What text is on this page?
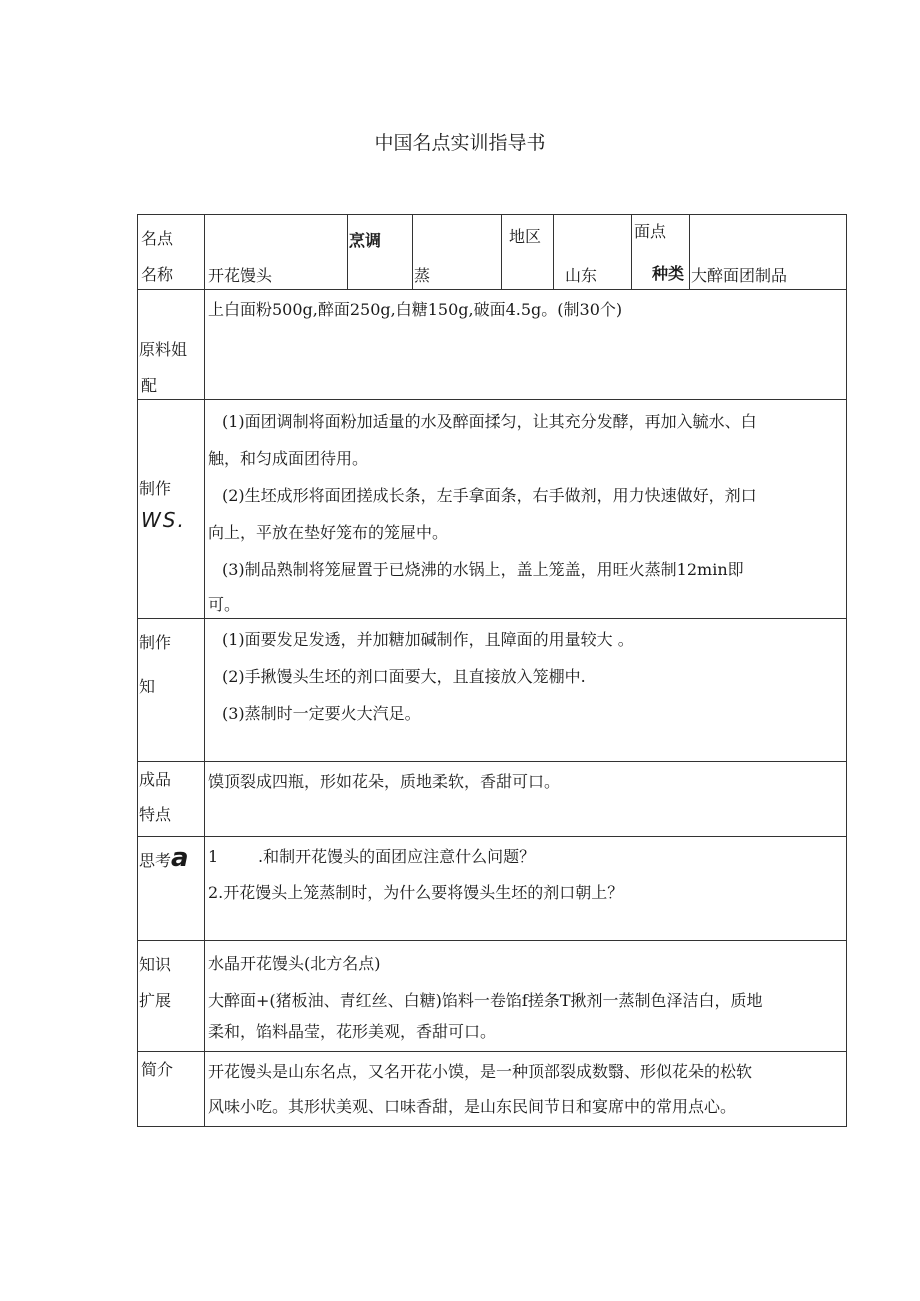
中国名点实训指导书
名点
名称 开花馒头
烹调
蒸
地区
山东
面点
种类 大醉面团制品
上白面粉500g,醉面250g,白糖150g,破面4.5g。(制30个)
原料姐
配
制作
WS.
(1)面团调制将面粉加适量的水及醉面揉匀，让其充分发酵，再加入毓水、白
触，和匀成面团待用。
(2)生坯成形将面团搓成长条，左手拿面条，右手做剂，用力快速做好，剂口
向上，平放在垫好笼布的笼屉中。
(3)制品熟制将笼屉置于已烧沸的水锅上，盖上笼盖，用旺火蒸制12min即
可。
制作
知
(1)面要发足发透，并加糖加碱制作，且障面的用量较大 。
(2)手揪馒头生坯的剂口面要大，且直接放入笼棚中.
(3)蒸制时一定要火大汽足。
成品
特点
馍顶裂成四瓶，形如花朵，质地柔软，香甜可口。
思考a 1 .和制开花馒头的面团应注意什么问题？
2.开花馒头上笼蒸制时，为什么要将馒头生坯的剂口朝上？
知识
扩展
水晶开花馒头(北方名点)
大醉面+(猪板油、青红丝、白糖)馅料一卷馅f搓条T揪剂一蒸制色泽洁白，质地
柔和，馅料晶莹，花形美观，香甜可口。
简介 开花馒头是山东名点，又名开花小馍，是一种顶部裂成数翳、形似花朵的松软
风味小吃。其形状美观、口味香甜，是山东民间节日和宴席中的常用点心。
